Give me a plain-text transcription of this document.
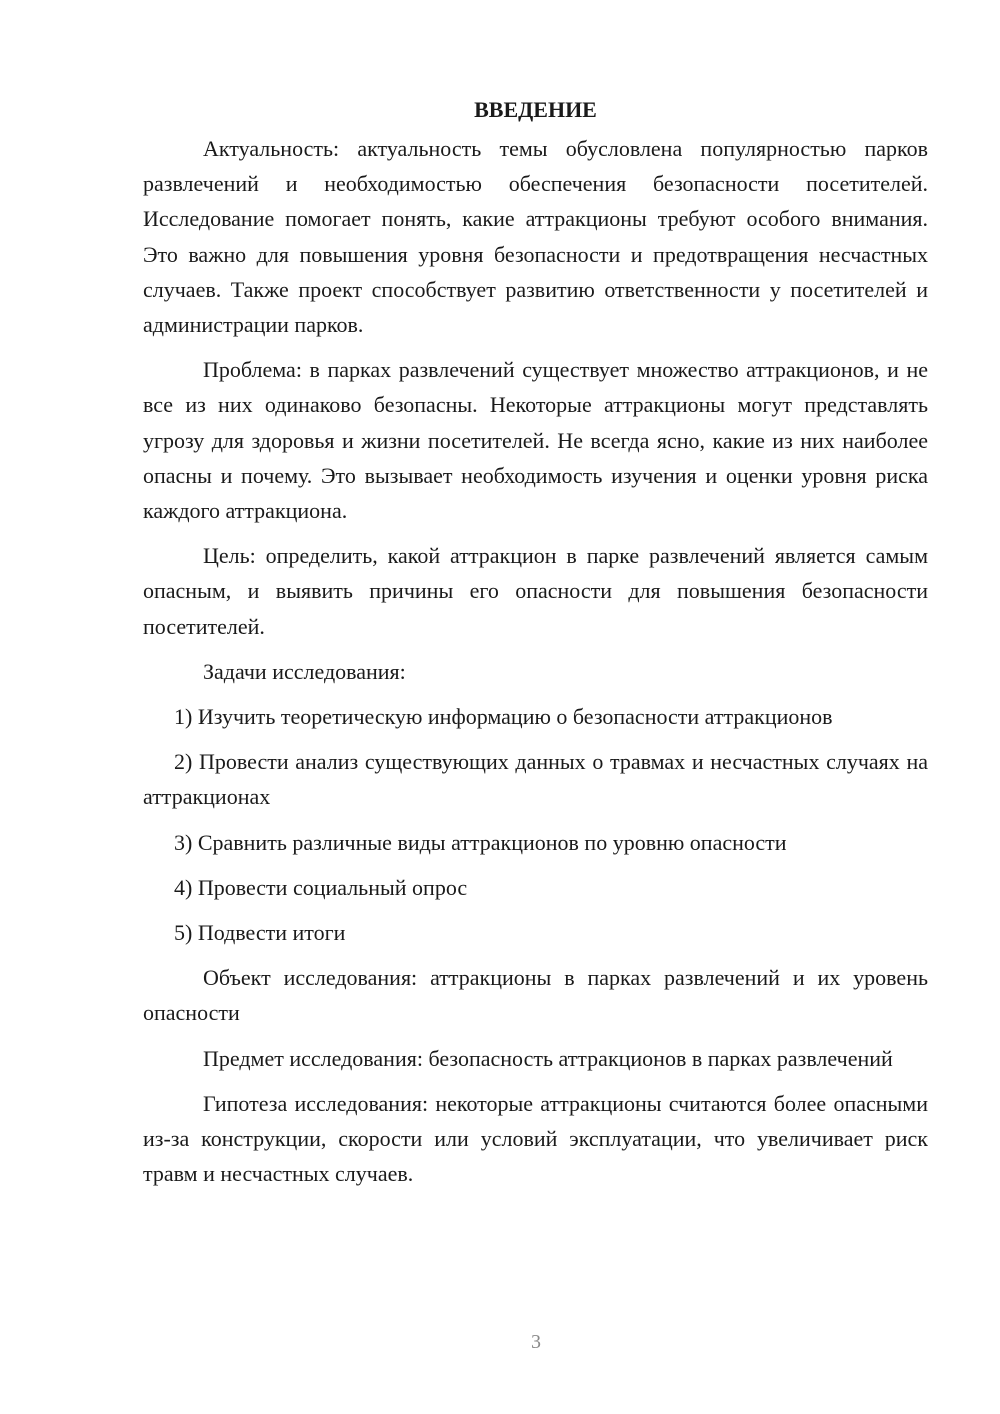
ВВЕДЕНИЕ

Актуальность: актуальность темы обусловлена популярностью парков развлечений и необходимостью обеспечения безопасности посетителей. Исследование помогает понять, какие аттракционы требуют особого внимания. Это важно для повышения уровня безопасности и предотвращения несчастных случаев. Также проект способствует развитию ответственности у посетителей и администрации парков.

Проблема: в парках развлечений существует множество аттракционов, и не все из них одинаково безопасны. Некоторые аттракционы могут представлять угрозу для здоровья и жизни посетителей. Не всегда ясно, какие из них наиболее опасны и почему. Это вызывает необходимость изучения и оценки уровня риска каждого аттракциона.

Цель: определить, какой аттракцион в парке развлечений является самым опасным, и выявить причины его опасности для повышения безопасности посетителей.

Задачи исследования:

1) Изучить теоретическую информацию о безопасности аттракционов

2) Провести анализ существующих данных о травмах и несчастных случаях на аттракционах

3) Сравнить различные виды аттракционов по уровню опасности

4) Провести социальный опрос

5) Подвести итоги

Объект исследования: аттракционы в парках развлечений и их уровень опасности

Предмет исследования: безопасность аттракционов в парках развлечений

Гипотеза исследования: некоторые аттракционы считаются более опасными из-за конструкции, скорости или условий эксплуатации, что увеличивает риск травм и несчастных случаев.

3
